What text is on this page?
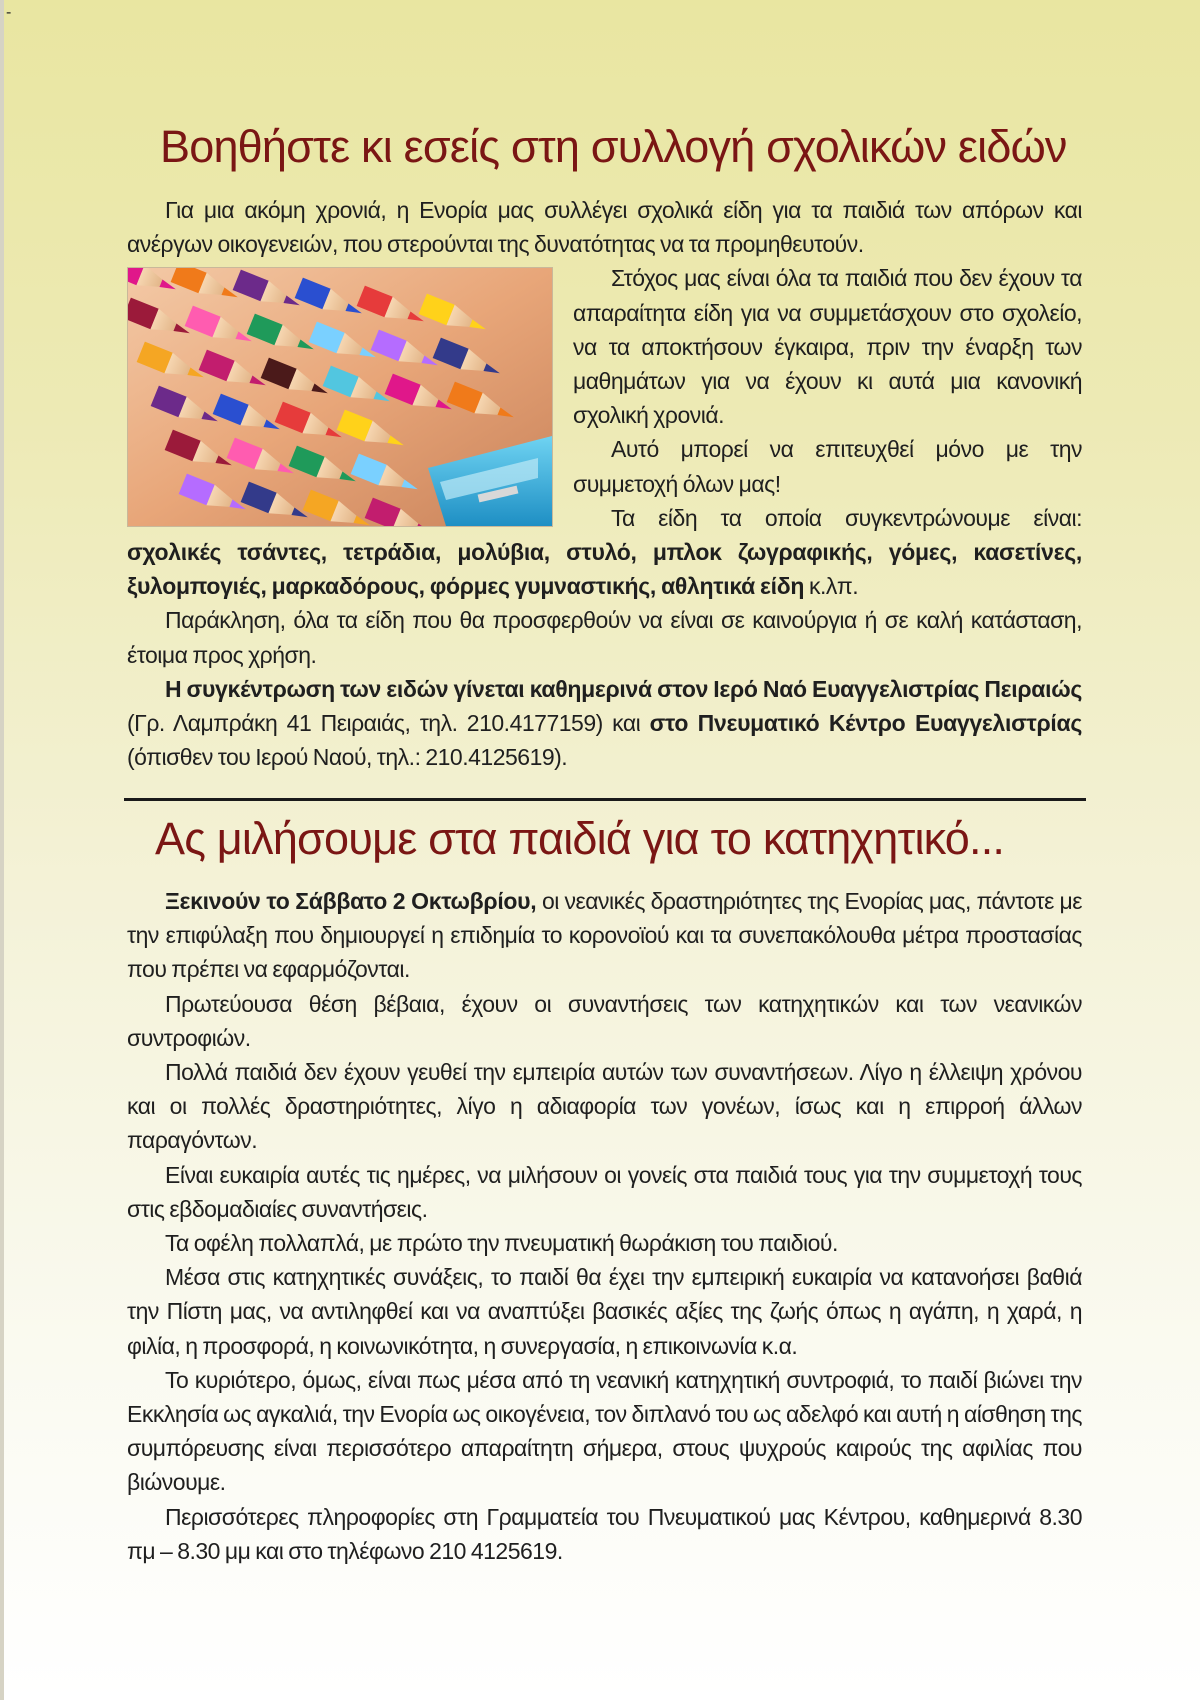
-
Βοηθήστε κι εσείς στη συλλογή σχολικών ειδών

Για μια ακόμη χρονιά, η Ενορία μας συλλέγει σχολικά είδη για τα παιδιά των απόρων και ανέργων οικογενειών, που στερούνται της δυνατότητας να τα προμηθευτούν.

Στόχος μας είναι όλα τα παιδιά που δεν έχουν τα απαραίτητα είδη για να συμμετάσχουν στο σχολείο, να τα αποκτήσουν έγκαιρα, πριν την έναρξη των μαθημάτων για να έχουν κι αυτά μια κανονική σχολική χρονιά.

Αυτό μπορεί να επιτευχθεί μόνο με την συμμετοχή όλων μας!

Τα είδη τα οποία συγκεντρώνουμε είναι: σχολικές τσάντες, τετράδια, μολύβια, στυλό, μπλοκ ζωγραφικής, γόμες, κασετίνες, ξυλομπογιές, μαρκαδόρους, φόρμες γυμναστικής, αθλητικά είδη κ.λπ.

Παράκληση, όλα τα είδη που θα προσφερθούν να είναι σε καινούργια ή σε καλή κατάσταση, έτοιμα προς χρήση.

Η συγκέντρωση των ειδών γίνεται καθημερινά στον Ιερό Ναό Ευαγγελιστρίας Πειραιώς (Γρ. Λαμπράκη 41 Πειραιάς, τηλ. 210.4177159) και στο Πνευματικό Κέντρο Ευαγγελιστρίας (όπισθεν του Ιερού Ναού, τηλ.: 210.4125619).

Ας μιλήσουμε στα παιδιά για το κατηχητικό...

Ξεκινούν το Σάββατο 2 Οκτωβρίου, οι νεανικές δραστηριότητες της Ενορίας μας, πάντοτε με την επιφύλαξη που δημιουργεί η επιδημία το κορονοϊού και τα συνεπακόλουθα μέτρα προστασίας που πρέπει να εφαρμόζονται.

Πρωτεύουσα θέση βέβαια, έχουν οι συναντήσεις των κατηχητικών και των νεανικών συντροφιών.

Πολλά παιδιά δεν έχουν γευθεί την εμπειρία αυτών των συναντήσεων. Λίγο η έλλειψη χρόνου και οι πολλές δραστηριότητες, λίγο η αδιαφορία των γονέων, ίσως και η επιρροή άλλων παραγόντων.

Είναι ευκαιρία αυτές τις ημέρες, να μιλήσουν οι γονείς στα παιδιά τους για την συμμετοχή τους στις εβδομαδιαίες συναντήσεις.

Τα οφέλη πολλαπλά, με πρώτο την πνευματική θωράκιση του παιδιού.

Μέσα στις κατηχητικές συνάξεις, το παιδί θα έχει την εμπειρική ευκαιρία να κατανοήσει βαθιά την Πίστη μας, να αντιληφθεί και να αναπτύξει βασικές αξίες της ζωής όπως η αγάπη, η χαρά, η φιλία, η προσφορά, η κοινωνικότητα, η συνεργασία, η επικοινωνία κ.α.

Το κυριότερο, όμως, είναι πως μέσα από τη νεανική κατηχητική συντροφιά, το παιδί βιώνει την Εκκλησία ως αγκαλιά, την Ενορία ως οικογένεια, τον διπλανό του ως αδελφό και αυτή η αίσθηση της συμπόρευσης είναι περισσότερο απαραίτητη σήμερα, στους ψυχρούς καιρούς της αφιλίας που βιώνουμε.

Περισσότερες πληροφορίες στη Γραμματεία του Πνευματικού μας Κέντρου, καθημερινά 8.30 πμ – 8.30 μμ και στο τηλέφωνο 210 4125619.
